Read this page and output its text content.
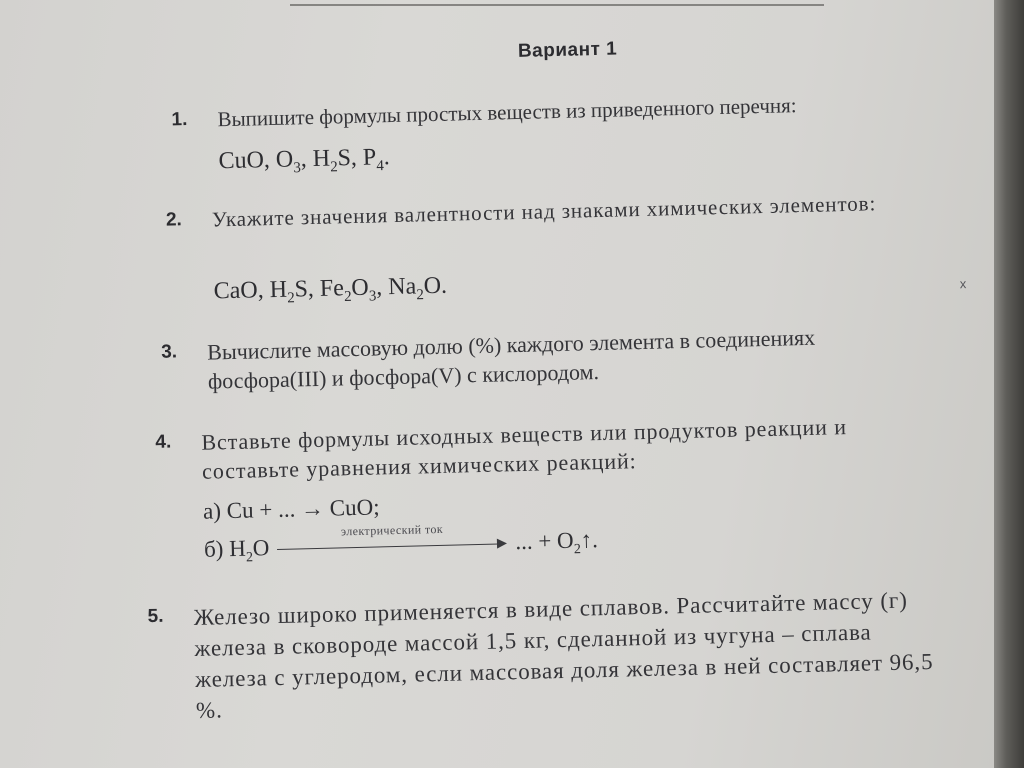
Вариант 1
1. Выпишите формулы простых веществ из приведенного перечня:
CuO, $O_3$, $H_2S$, $P_4$.
2. Укажите значения валентности над знаками химических элементов:
CaO, $H_2S$, $Fe_2O_3$, $Na_2O$.
3. Вычислите массовую долю (%) каждого элемента в соединениях фосфора(III) и фосфора(V) с кислородом.
4. Вставьте формулы исходных веществ или продуктов реакции и составьте уравнения химических реакций:
а) Cu + ... → CuO;
б) $H_2O$
электрический ток	... + $O_2↑$.
5. Железо широко применяется в виде сплавов. Рассчитайте массу (г) железа в сковороде массой 1,5 кг, сделанной из чугуна – сплава железа с углеродом, если массовая доля железа в ней составляет 96,5 %.
х
